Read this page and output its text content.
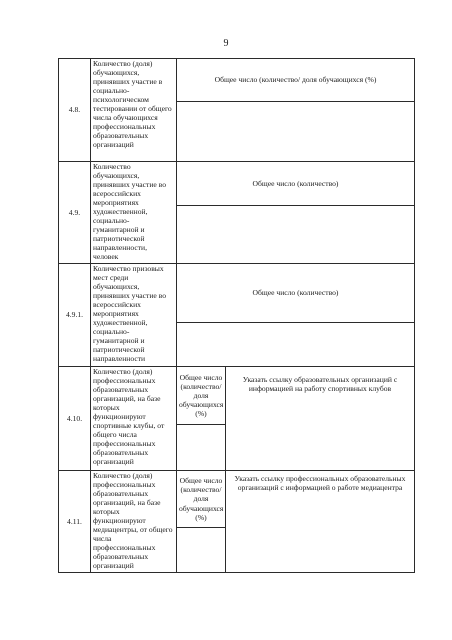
9
4.8.	Количество (доля) обучающихся, принявших участие в социально-психологическом тестировании от общего числа обучающихся профессиональных образовательных организаций	Общее число (количество/ доля обучающихся (%)	

4.9.	Количество обучающихся, принявших участие во всероссийских мероприятиях художественной, социально-гуманитарной и патриотической направленности, человек	Общее число (количество)	

4.9.1.	Количество призовых мест среди обучающихся, принявших участие во всероссийских мероприятиях художественной, социально-гуманитарной и патриотической направленности	Общее число (количество)	

4.10.	Количество (доля) профессиональных образовательных организаций, на базе которых функционируют спортивные клубы, от общего числа профессиональных образовательных организаций	Общее число (количество/ доля обучающихся (%)	Указать ссылку образовательных организаций с информацией на работу спортивных клубов

4.11.	Количество (доля) профессиональных образовательных организаций, на базе которых функционируют медиацентры, от общего числа профессиональных образовательных организаций	Общее число (количество/ доля обучающихся (%)	Указать ссылку профессиональных образовательных организаций с информацией о работе медиацентра
